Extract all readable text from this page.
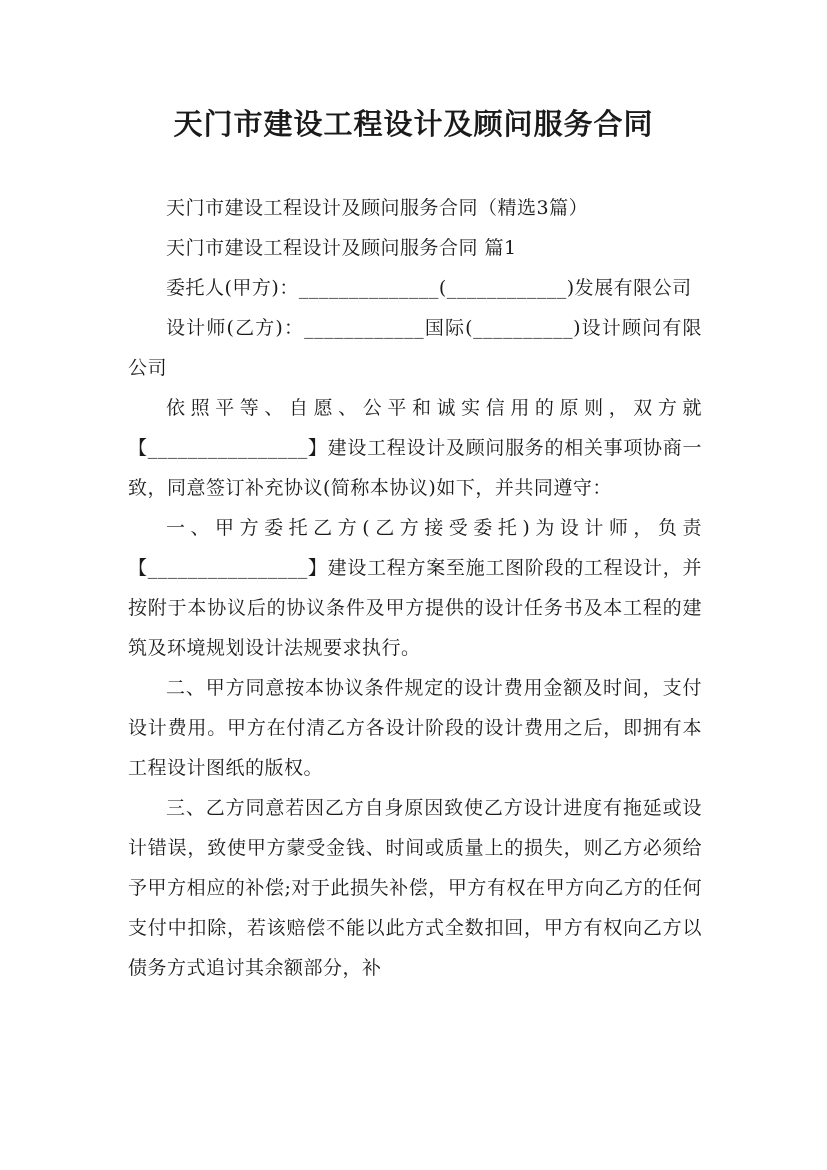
天门市建设工程设计及顾问服务合同

天门市建设工程设计及顾问服务合同（精选3篇）

天门市建设工程设计及顾问服务合同 篇1

委托人(甲方)：______________(____________)发展有限公司

设计师(乙方)：____________国际(__________)设计顾问有限公司

依照平等、自愿、公平和诚实信用的原则，双方就【________________】建设工程设计及顾问服务的相关事项协商一致，同意签订补充协议(简称本协议)如下，并共同遵守：

一、甲方委托乙方(乙方接受委托)为设计师，负责【________________】建设工程方案至施工图阶段的工程设计，并按附于本协议后的协议条件及甲方提供的设计任务书及本工程的建筑及环境规划设计法规要求执行。

二、甲方同意按本协议条件规定的设计费用金额及时间，支付设计费用。甲方在付清乙方各设计阶段的设计费用之后，即拥有本工程设计图纸的版权。

三、乙方同意若因乙方自身原因致使乙方设计进度有拖延或设计错误，致使甲方蒙受金钱、时间或质量上的损失，则乙方必须给予甲方相应的补偿;对于此损失补偿，甲方有权在甲方向乙方的任何支付中扣除，若该赔偿不能以此方式全数扣回，甲方有权向乙方以债务方式追讨其余额部分，补
